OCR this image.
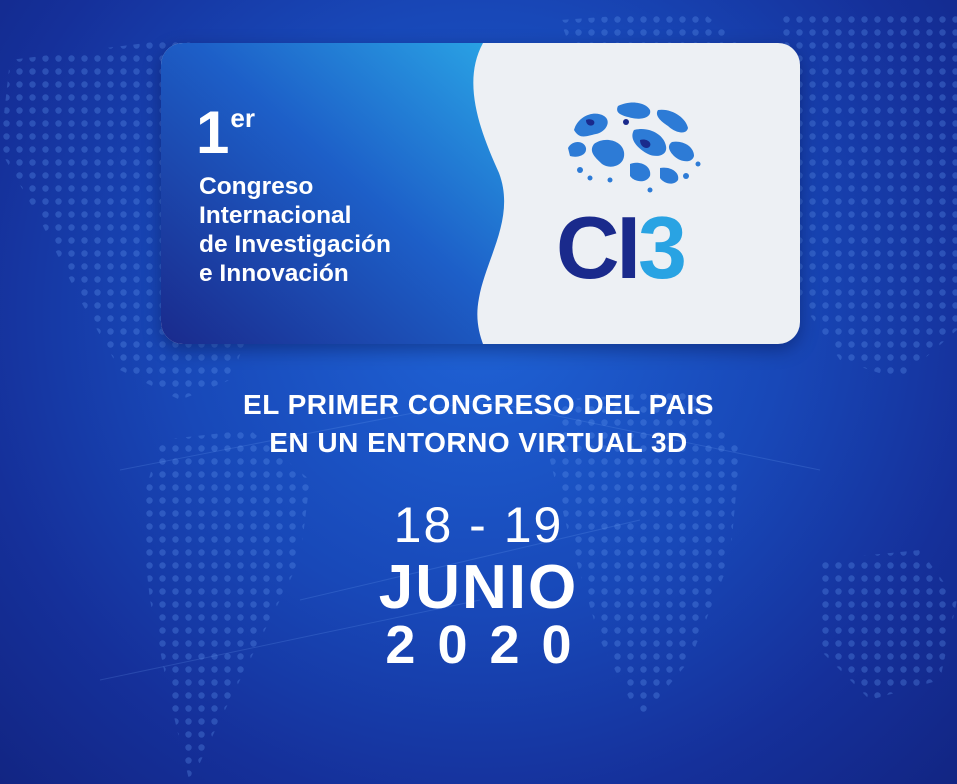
1er
Congreso
Internacional
de Investigación
e Innovación	CI3
EL PRIMER CONGRESO DEL PAIS
EN UN ENTORNO VIRTUAL 3D
18 - 19
JUNIO
2020
